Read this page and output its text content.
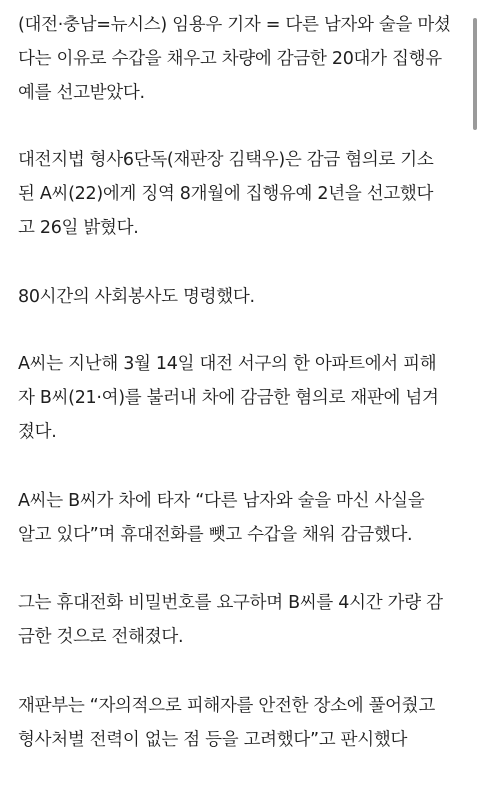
(대전·충남=뉴시스) 임용우 기자 = 다른 남자와 술을 마셨
다는 이유로 수갑을 채우고 차량에 감금한 20대가 집행유
예를 선고받았다.

대전지법 형사6단독(재판장 김택우)은 감금 혐의로 기소
된 A씨(22)에게 징역 8개월에 집행유예 2년을 선고했다
고 26일 밝혔다.

80시간의 사회봉사도 명령했다.

A씨는 지난해 3월 14일 대전 서구의 한 아파트에서 피해
자 B씨(21·여)를 불러내 차에 감금한 혐의로 재판에 넘겨
졌다.

A씨는 B씨가 차에 타자 “다른 남자와 술을 마신 사실을
알고 있다”며 휴대전화를 뺏고 수갑을 채워 감금했다.

그는 휴대전화 비밀번호를 요구하며 B씨를 4시간 가량 감
금한 것으로 전해졌다.

재판부는 “자의적으로 피해자를 안전한 장소에 풀어줬고
형사처벌 전력이 없는 점 등을 고려했다”고 판시했다
